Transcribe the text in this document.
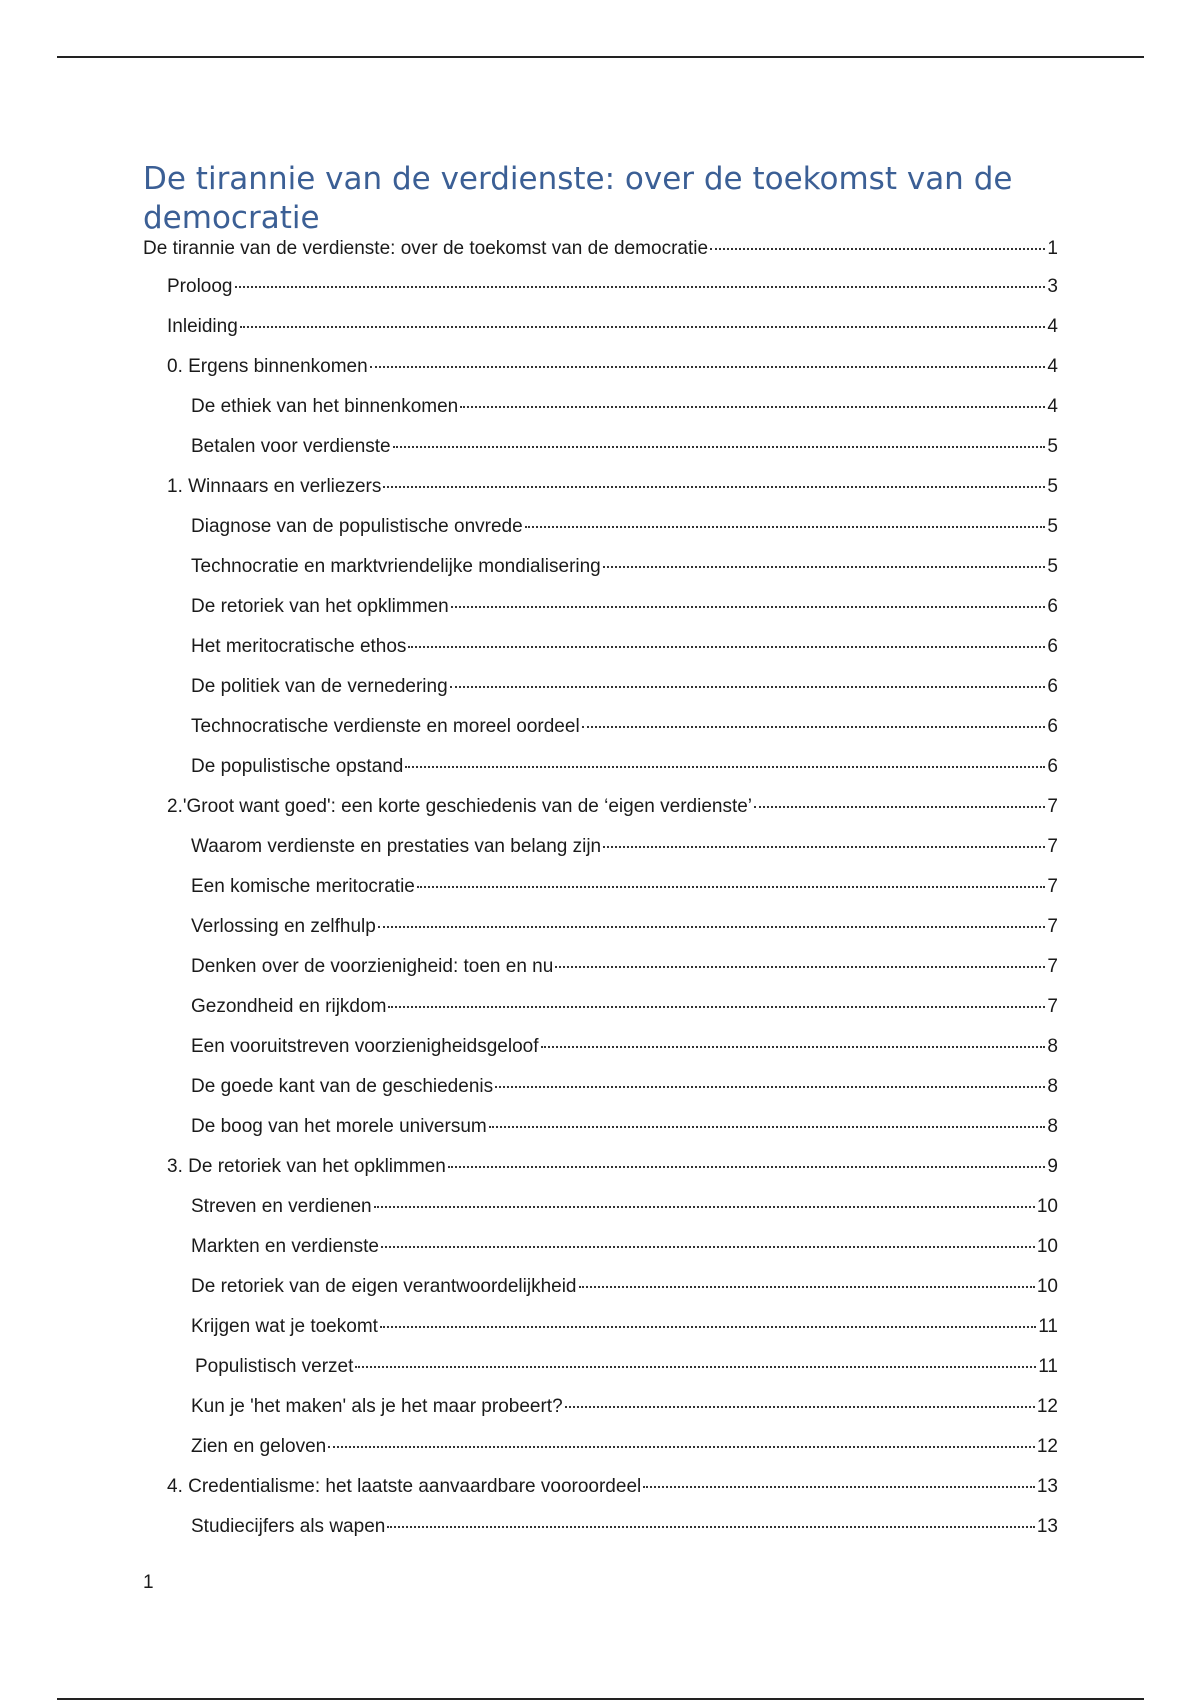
De tirannie van de verdienste: over de toekomst van de democratie
De tirannie van de verdienste: over de toekomst van de democratie	1
Proloog	3
Inleiding	4
0. Ergens binnenkomen	4
De ethiek van het binnenkomen	4
Betalen voor verdienste	5
1. Winnaars en verliezers	5
Diagnose van de populistische onvrede	5
Technocratie en marktvriendelijke mondialisering	5
De retoriek van het opklimmen	6
Het meritocratische ethos	6
De politiek van de vernedering	6
Technocratische verdienste en moreel oordeel	6
De populistische opstand	6
2.'Groot want goed': een korte geschiedenis van de ‘eigen verdienste’	7
Waarom verdienste en prestaties van belang zijn	7
Een komische meritocratie	7
Verlossing en zelfhulp	7
Denken over de voorzienigheid: toen en nu	7
Gezondheid en rijkdom	7
Een vooruitstreven voorzienigheidsgeloof	8
De goede kant van de geschiedenis	8
De boog van het morele universum	8
3. De retoriek van het opklimmen	9
Streven en verdienen	10
Markten en verdienste	10
De retoriek van de eigen verantwoordelijkheid	10
Krijgen wat je toekomt	11
Populistisch verzet	11
Kun je 'het maken' als je het maar probeert?	12
Zien en geloven	12
4. Credentialisme: het laatste aanvaardbare vooroordeel	13
Studiecijfers als wapen	13
1
